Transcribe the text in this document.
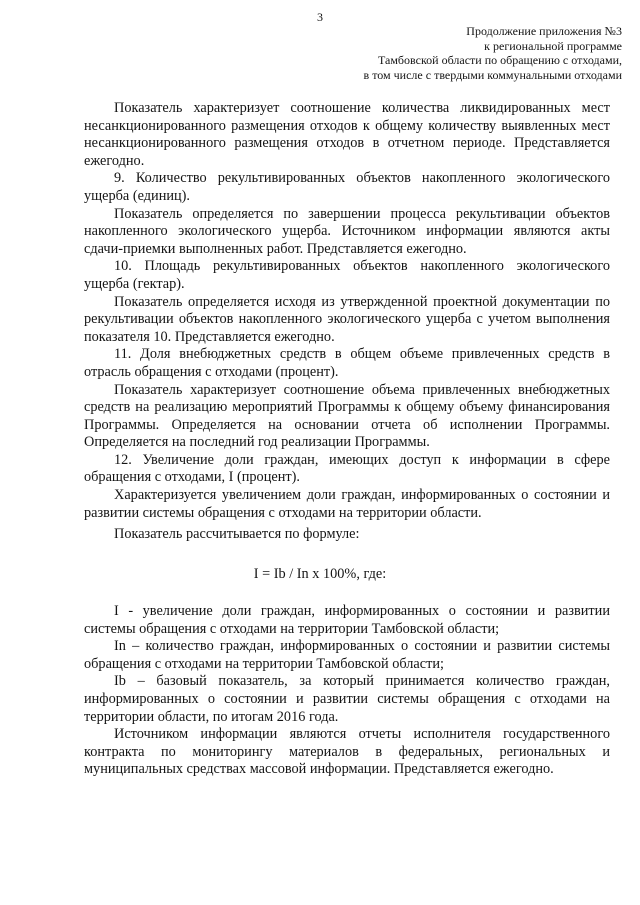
3
Продолжение приложения №3
к региональной программе
Тамбовской области по обращению с отходами,
в том числе с твердыми коммунальными отходами

Показатель характеризует соотношение количества ликвидированных мест несанкционированного размещения отходов к общему количеству выявленных мест несанкционированного размещения отходов в отчетном периоде. Представляется ежегодно.

9. Количество рекультивированных объектов накопленного экологического ущерба (единиц).

Показатель определяется по завершении процесса рекультивации объектов накопленного экологического ущерба. Источником информации являются акты сдачи-приемки выполненных работ. Представляется ежегодно.

10. Площадь рекультивированных объектов накопленного экологического ущерба (гектар).

Показатель определяется исходя из утвержденной проектной документации по рекультивации объектов накопленного экологического ущерба с учетом выполнения показателя 10. Представляется ежегодно.

11. Доля внебюджетных средств в общем объеме привлеченных средств в отрасль обращения с отходами (процент).

Показатель характеризует соотношение объема привлеченных внебюджетных средств на реализацию мероприятий Программы к общему объему финансирования Программы. Определяется на основании отчета об исполнении Программы. Определяется на последний год реализации Программы.

12. Увеличение доли граждан, имеющих доступ к информации в сфере обращения с отходами, I (процент).

Характеризуется увеличением доли граждан, информированных о состоянии и развитии системы обращения с отходами на территории области.

Показатель рассчитывается по формуле:

I = Ib / In x 100%, где:

I - увеличение доли граждан, информированных о состоянии и развитии системы обращения с отходами на территории Тамбовской области;

In – количество граждан, информированных о состоянии и развитии системы обращения с отходами на территории Тамбовской области;

Ib – базовый показатель, за который принимается количество граждан, информированных о состоянии и развитии системы обращения с отходами на территории области, по итогам 2016 года.

Источником информации являются отчеты исполнителя государственного контракта по мониторингу материалов в федеральных, региональных и муниципальных средствах массовой информации. Представляется ежегодно.
